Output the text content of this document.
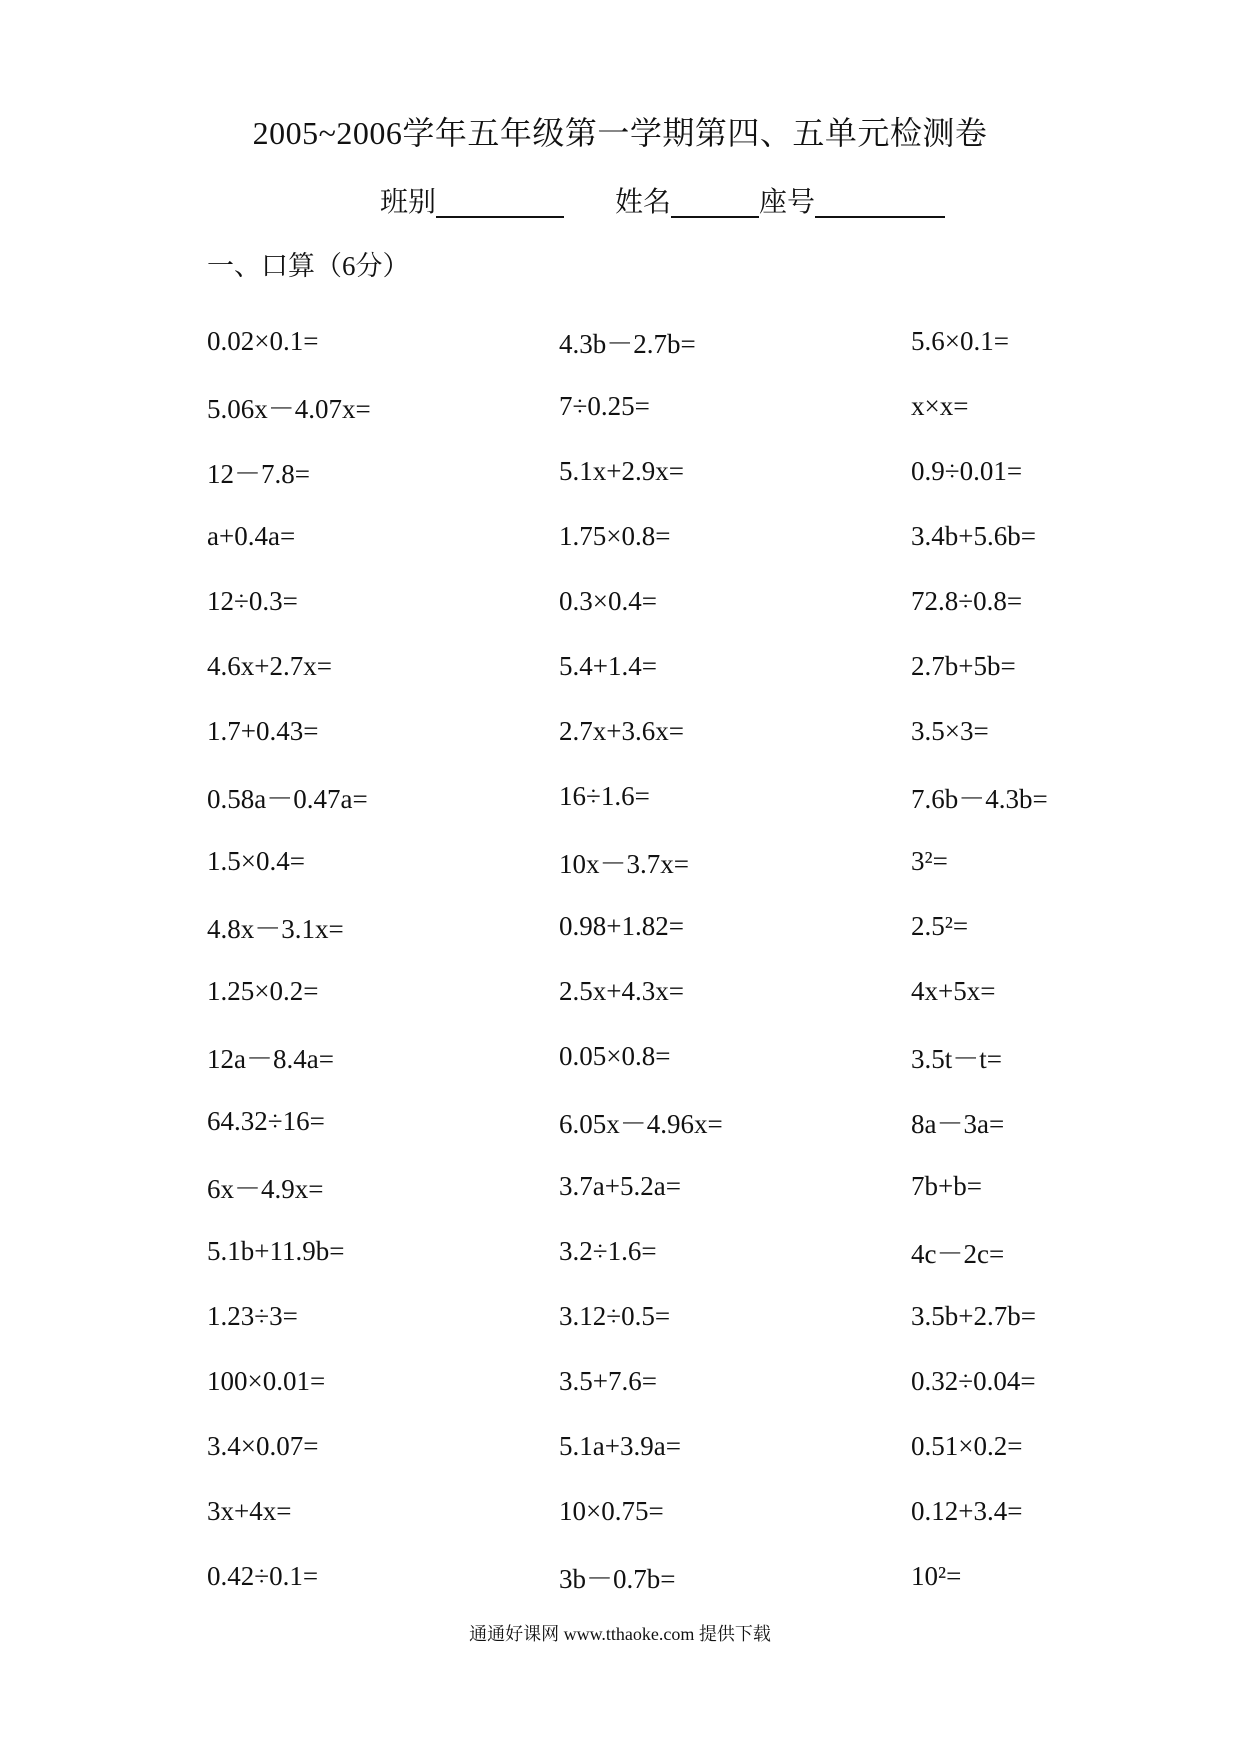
2005~2006学年五年级第一学期第四、五单元检测卷
班别	姓名	座号
一、口算（6分）
0.02×0.1=	4.3b－2.7b=	5.6×0.1=
5.06x－4.07x=	7÷0.25=	x×x=
12－7.8=	5.1x+2.9x=	0.9÷0.01=
a+0.4a=	1.75×0.8=	3.4b+5.6b=
12÷0.3=	0.3×0.4=	72.8÷0.8=
4.6x+2.7x=	5.4+1.4=	2.7b+5b=
1.7+0.43=	2.7x+3.6x=	3.5×3=
0.58a－0.47a=	16÷1.6=	7.6b－4.3b=
1.5×0.4=	10x－3.7x=	3²=
4.8x－3.1x=	0.98+1.82=	2.5²=
1.25×0.2=	2.5x+4.3x=	4x+5x=
12a－8.4a=	0.05×0.8=	3.5t－t=
64.32÷16=	6.05x－4.96x=	8a－3a=
6x－4.9x=	3.7a+5.2a=	7b+b=
5.1b+11.9b=	3.2÷1.6=	4c－2c=
1.23÷3=	3.12÷0.5=	3.5b+2.7b=
100×0.01=	3.5+7.6=	0.32÷0.04=
3.4×0.07=	5.1a+3.9a=	0.51×0.2=
3x+4x=	10×0.75=	0.12+3.4=
0.42÷0.1=	3b－0.7b=	10²=
通通好课网 www.tthaoke.com 提供下载
